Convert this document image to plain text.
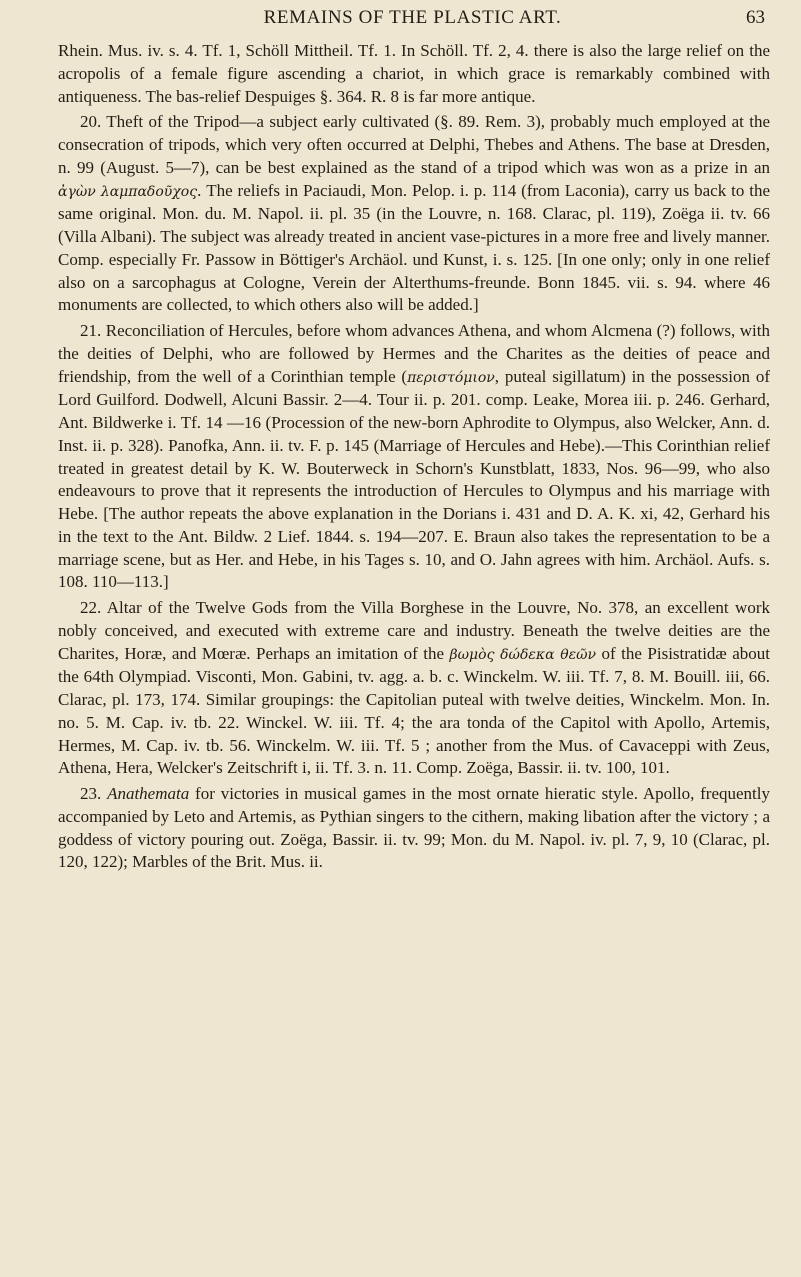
REMAINS OF THE PLASTIC ART.	63

Rhein. Mus. iv. s. 4. Tf. 1, Schöll Mittheil. Tf. 1. In Schöll. Tf. 2, 4. there is also the large relief on the acropolis of a female figure ascending a chariot, in which grace is remarkably combined with antiqueness. The bas-relief Despuiges §. 364. R. 8 is far more antique.

20. Theft of the Tripod—a subject early cultivated (§. 89. Rem. 3), probably much employed at the consecration of tripods, which very often occurred at Delphi, Thebes and Athens. The base at Dresden, n. 99 (August. 5—7), can be best explained as the stand of a tripod which was won as a prize in an ἀγὼν λαμπαδοῦχος. The reliefs in Paciaudi, Mon. Pelop. i. p. 114 (from Laconia), carry us back to the same original. Mon. du. M. Napol. ii. pl. 35 (in the Louvre, n. 168. Clarac, pl. 119), Zoëga ii. tv. 66 (Villa Albani). The subject was already treated in ancient vase-pictures in a more free and lively manner. Comp. especially Fr. Passow in Böttiger's Archäol. und Kunst, i. s. 125. [In one only; only in one relief also on a sarcophagus at Cologne, Verein der Alterthums-freunde. Bonn 1845. vii. s. 94. where 46 monuments are collected, to which others also will be added.]

21. Reconciliation of Hercules, before whom advances Athena, and whom Alcmena (?) follows, with the deities of Delphi, who are followed by Hermes and the Charites as the deities of peace and friendship, from the well of a Corinthian temple (περιστόμιον, puteal sigillatum) in the possession of Lord Guilford. Dodwell, Alcuni Bassir. 2—4. Tour ii. p. 201. comp. Leake, Morea iii. p. 246. Gerhard, Ant. Bildwerke i. Tf. 14 —16 (Procession of the new-born Aphrodite to Olympus, also Welcker, Ann. d. Inst. ii. p. 328). Panofka, Ann. ii. tv. F. p. 145 (Marriage of Hercules and Hebe).—This Corinthian relief treated in greatest detail by K. W. Bouterweck in Schorn's Kunstblatt, 1833, Nos. 96—99, who also endeavours to prove that it represents the introduction of Hercules to Olympus and his marriage with Hebe. [The author repeats the above explanation in the Dorians i. 431 and D. A. K. xi, 42, Gerhard his in the text to the Ant. Bildw. 2 Lief. 1844. s. 194—207. E. Braun also takes the representation to be a marriage scene, but as Her. and Hebe, in his Tages s. 10, and O. Jahn agrees with him. Archäol. Aufs. s. 108. 110—113.]

22. Altar of the Twelve Gods from the Villa Borghese in the Louvre, No. 378, an excellent work nobly conceived, and executed with extreme care and industry. Beneath the twelve deities are the Charites, Horæ, and Mœræ. Perhaps an imitation of the βωμὸς δώδεκα θεῶν of the Pisistratidæ about the 64th Olympiad. Visconti, Mon. Gabini, tv. agg. a. b. c. Winckelm. W. iii. Tf. 7, 8. M. Bouill. iii, 66. Clarac, pl. 173, 174. Similar groupings: the Capitolian puteal with twelve deities, Winckelm. Mon. In. no. 5. M. Cap. iv. tb. 22. Winckel. W. iii. Tf. 4; the ara tonda of the Capitol with Apollo, Artemis, Hermes, M. Cap. iv. tb. 56. Winckelm. W. iii. Tf. 5 ; another from the Mus. of Cavaceppi with Zeus, Athena, Hera, Welcker's Zeitschrift i, ii. Tf. 3. n. 11. Comp. Zoëga, Bassir. ii. tv. 100, 101.

23. Anathemata for victories in musical games in the most ornate hieratic style. Apollo, frequently accompanied by Leto and Artemis, as Pythian singers to the cithern, making libation after the victory ; a goddess of victory pouring out. Zoëga, Bassir. ii. tv. 99; Mon. du M. Napol. iv. pl. 7, 9, 10 (Clarac, pl. 120, 122); Marbles of the Brit. Mus. ii.
